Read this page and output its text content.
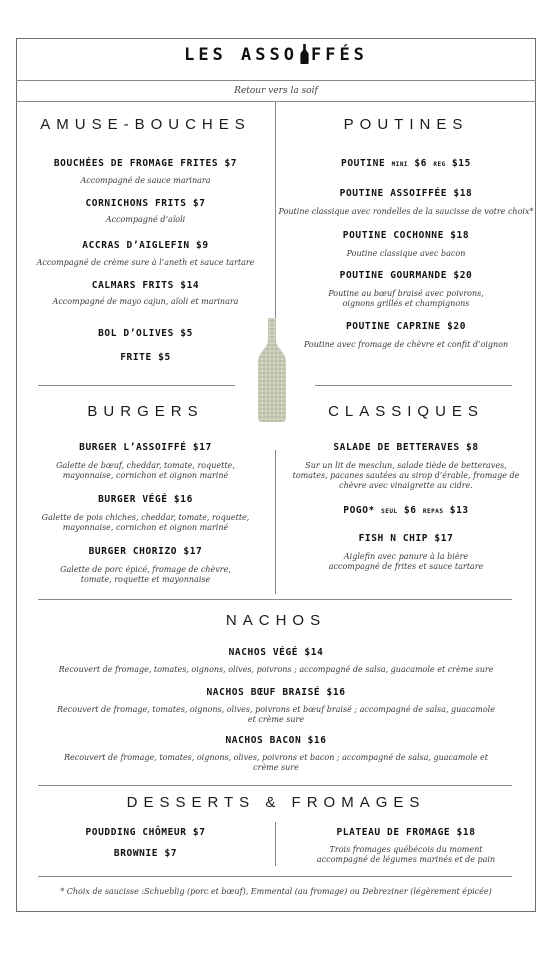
LES ASSO FFÉS
Retour vers la soif
AMUSE-BOUCHES
BOUCHÉES DE FROMAGE FRITES $7
Accompagné de sauce marinara
CORNICHONS FRITS $7
Accompagné d’aïoli
ACCRAS D’AIGLEFIN $9
Accompagné de crème sure à l’aneth et sauce tartare
CALMARS FRITS $14
Accompagné de mayo cajun, aïoli et marinara
BOL D’OLIVES $5
FRITE $5
POUTINES
POUTINE MINI $6 REG $15
POUTINE ASSOIFFÉE $18
Poutine classique avec rondelles de la saucisse de votre choix*
POUTINE COCHONNE $18
Poutine classique avec bacon
POUTINE GOURMANDE $20
Poutine au bœuf braisé avec poivrons,
oignons grillés et champignons
POUTINE CAPRINE $20
Poutine avec fromage de chèvre et confit d’oignon
BURGERS
BURGER L’ASSOIFFÉ $17
Galette de bœuf, cheddar, tomate, roquette,
mayonnaise, cornichon et oignon mariné
BURGER VÉGÉ $16
Galette de pois chiches, cheddar, tomate, roquette,
mayonnaise, cornichon et oignon mariné
BURGER CHORIZO $17
Galette de porc épicé, fromage de chèvre,
tomate, roquette et mayonnaise
CLASSIQUES
SALADE DE BETTERAVES $8
Sur un lit de mesclun, salade tiède de betteraves,
tomates, pacanes sautées au sirop d’érable, fromage de
chèvre avec vinaigrette au cidre.
POGO* SEUL $6 REPAS $13
FISH N CHIP $17
Aiglefin avec panure à la bière
accompagné de frites et sauce tartare
NACHOS
NACHOS VÉGÉ $14
Recouvert de fromage, tomates, oignons, olives, poivrons ; accompagné de salsa, guacamole et crème sure
NACHOS BŒUF BRAISÉ $16
Recouvert de fromage, tomates, oignons, olives, poivrons et bœuf braisé ; accompagné de salsa, guacamole
et crème sure
NACHOS BACON $16
Recouvert de fromage, tomates, oignons, olives, poivrons et bacon ; accompagné de salsa, guacamole et
crème sure
DESSERTS & FROMAGES
POUDDING CHÔMEUR $7
BROWNIE $7
PLATEAU DE FROMAGE $18
Trois fromages québécois du moment
accompagné de légumes marinés et de pain
* Choix de saucisse :Schueblig (porc et bœuf), Emmental (au fromage) ou Debreziner (légèrement épicée)
